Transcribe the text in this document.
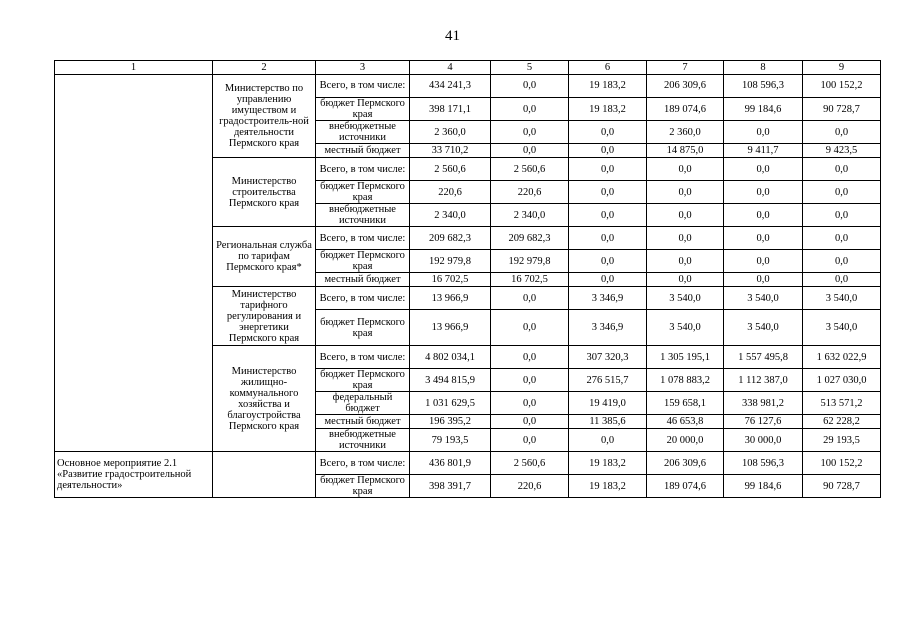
41
1	2	3	4	5	6	7	8	9
	Министерство по управлению имуществом и градостроитель-ной деятельности Пермского края	Всего, в том числе:	434 241,3	0,0	19 183,2	206 309,6	108 596,3	100 152,2
		бюджет Пермского края	398 171,1	0,0	19 183,2	189 074,6	99 184,6	90 728,7
		внебюджетные источники	2 360,0	0,0	0,0	2 360,0	0,0	0,0
		местный бюджет	33 710,2	0,0	0,0	14 875,0	9 411,7	9 423,5
	Министерство строительства Пермского края	Всего, в том числе:	2 560,6	2 560,6	0,0	0,0	0,0	0,0
		бюджет Пермского края	220,6	220,6	0,0	0,0	0,0	0,0
		внебюджетные источники	2 340,0	2 340,0	0,0	0,0	0,0	0,0
	Региональная служба по тарифам Пермского края*	Всего, в том числе:	209 682,3	209 682,3	0,0	0,0	0,0	0,0
		бюджет Пермского края	192 979,8	192 979,8	0,0	0,0	0,0	0,0
		местный бюджет	16 702,5	16 702,5	0,0	0,0	0,0	0,0
	Министерство тарифного регулирования и энергетики Пермского края	Всего, в том числе:	13 966,9	0,0	3 346,9	3 540,0	3 540,0	3 540,0
		бюджет Пермского края	13 966,9	0,0	3 346,9	3 540,0	3 540,0	3 540,0
	Министерство жилищно-коммунального хозяйства и благоустройства Пермского края	Всего, в том числе:	4 802 034,1	0,0	307 320,3	1 305 195,1	1 557 495,8	1 632 022,9
		бюджет Пермского края	3 494 815,9	0,0	276 515,7	1 078 883,2	1 112 387,0	1 027 030,0
		федеральный бюджет	1 031 629,5	0,0	19 419,0	159 658,1	338 981,2	513 571,2
		местный бюджет	196 395,2	0,0	11 385,6	46 653,8	76 127,6	62 228,2
		внебюджетные источники	79 193,5	0,0	0,0	20 000,0	30 000,0	29 193,5
Основное мероприятие 2.1 «Развитие градостроительной деятельности»		Всего, в том числе:	436 801,9	2 560,6	19 183,2	206 309,6	108 596,3	100 152,2
		бюджет Пермского края	398 391,7	220,6	19 183,2	189 074,6	99 184,6	90 728,7
